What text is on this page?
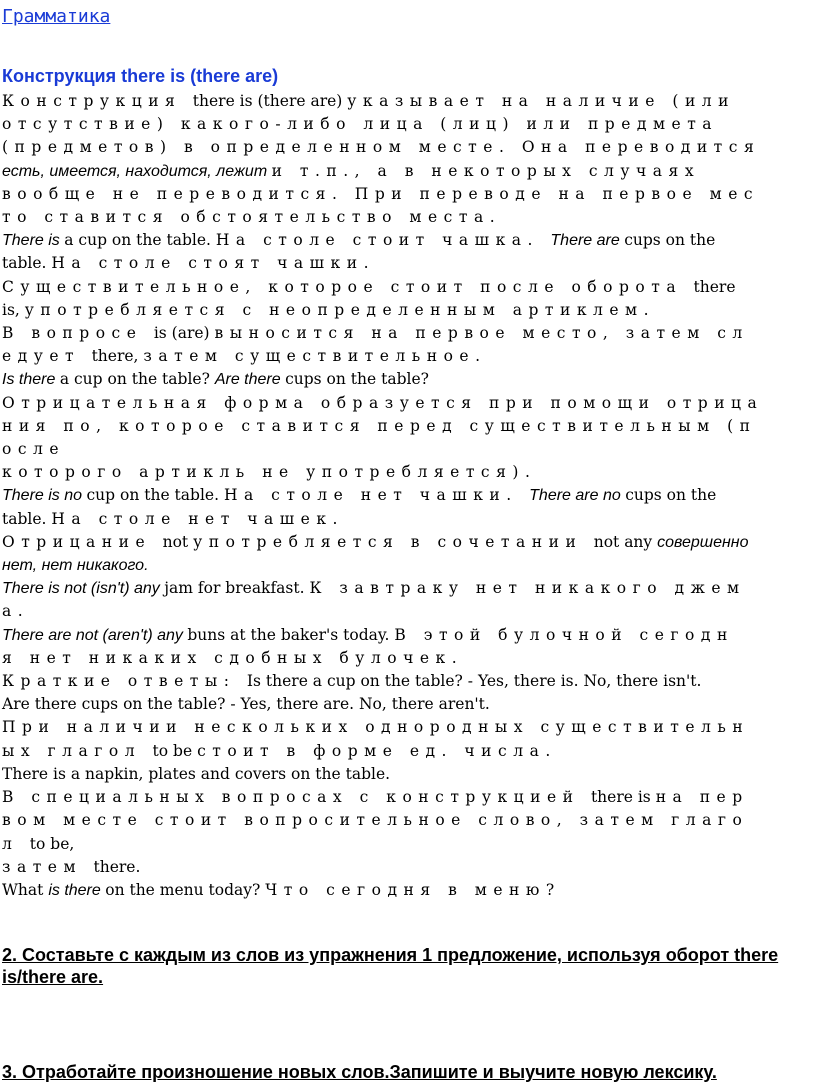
Грамматика
Конструкция there is (there are)

Конструкция there is (there are) указывает на наличие (или

отсутствие) какого-либо лица (лиц) или предмета

(предметов) в определенном месте. Она переводится

есть, имеется, находится, лежит и т.п., а в некоторых случаях

вообще не переводится. При переводе на первое мес

то ставится обстоятельство места.

There is a cup on the table. На столе стоит чашка. There are cups on the

table. На столе стоят чашки.

Существительное, которое стоит после оборота there

is, употребляется с неопределенным артиклем.

В вопросе is (are) выносится на первое место, затем сл

едует there, затем существительное.

Is there a cup on the table? Are there cups on the table?

Отрицательная форма образуется при помощи отрица

ния по, которое ставится перед существительным (п

осле

которого артикль не употребляется).

There is no cup on the table. На столе нет чашки. There are no cups on the

table. На столе нет чашек.

Отрицание not употребляется в сочетании not any совершенно

нет, нет никакого.

There is not (isn't) any jam for breakfast. К завтраку нет никакого джем

а.

There are not (aren't) any buns at the baker's today. В этой булочной сегодн

я нет никаких сдобных булочек.

Краткие ответы: Is there a cup on the table? - Yes, there is. No, there isn't.

Are there cups on the table? - Yes, there are. No, there aren't.

При наличии нескольких однородных существительн

ых глагол to be стоит в форме ед. числа.

There is a napkin, plates and covers on the table.

В специальных вопросах с конструкцией there is на пер

вом месте стоит вопросительное слово, затем глаго

л to be,

затем there.

What is there on the menu today? Что сегодня в меню?

2. Составьте с каждым из слов из упражнения 1 предложение, используя оборот there is/there are.

3. Отработайте произношение новых слов.Запишите и выучите новую лексику.
